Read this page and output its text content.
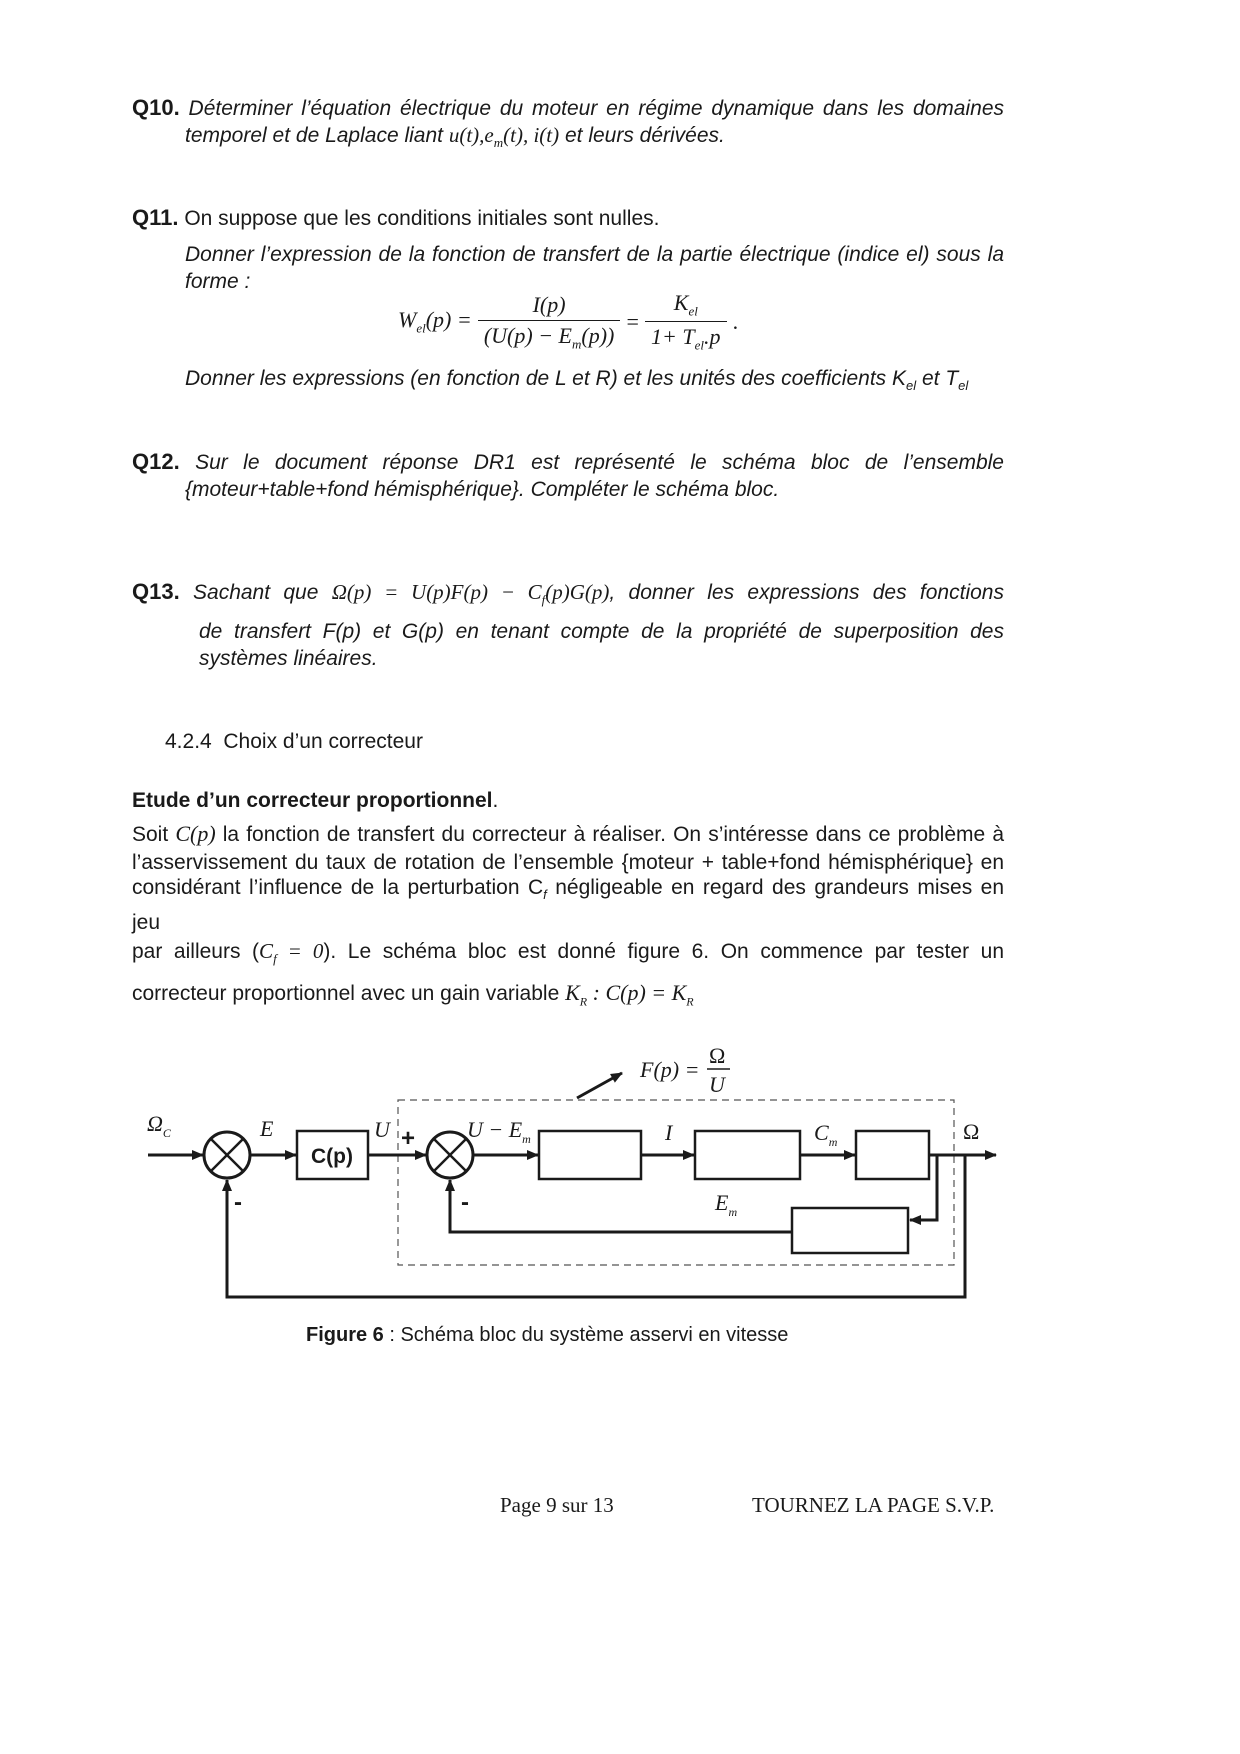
Q10. Déterminer l’équation électrique du moteur en régime dynamique dans les domaines
temporel et de Laplace liant $u(t),e_m(t)$, i(t) et leurs dérivées.
Q11. On suppose que les conditions initiales sont nulles.
Donner l’expression de la fonction de transfert de la partie électrique (indice el) sous la
forme :
$W_{el}(p) = \frac{I(p)}{(U(p) - E_m(p))} = \frac{K_{el}}{1+ T_{el}.p}$ .
Donner les expressions (en fonction de L et R) et les unités des coefficients $K_{el}$ et $T_{el}$
Q12. Sur le document réponse DR1 est représenté le schéma bloc de l’ensemble
{moteur+table+fond hémisphérique}. Compléter le schéma bloc.
Q13. Sachant que $\Omega(p) = U(p)F(p) - C_f(p)G(p)$, donner les expressions des fonctions
de transfert F(p) et G(p) en tenant compte de la propriété de superposition des
systèmes linéaires.
4.2.4 Choix d’un correcteur
Etude d’un correcteur proportionnel.
Soit C(p) la fonction de transfert du correcteur à réaliser. On s’intéresse dans ce problème à
l’asservissement du taux de rotation de l’ensemble {moteur + table+fond hémisphérique} en
considérant l’influence de la perturbation $C_f$ négligeable en regard des grandeurs mises en jeu
par ailleurs $(C_f = 0)$. Le schéma bloc est donné figure 6. On commence par tester un
correcteur proportionnel avec un gain variable $K_R$ : $C(p) = K_R$
$\Omega_C$	E	U	$U - E_m$	I	$C_m$
$E_m$
F(p) =
Ω
U
Ω
C(p)
+
-	-
Figure 6 : Schéma bloc du système asservi en vitesse
Page 9 sur 13	TOURNEZ LA PAGE S.V.P.
